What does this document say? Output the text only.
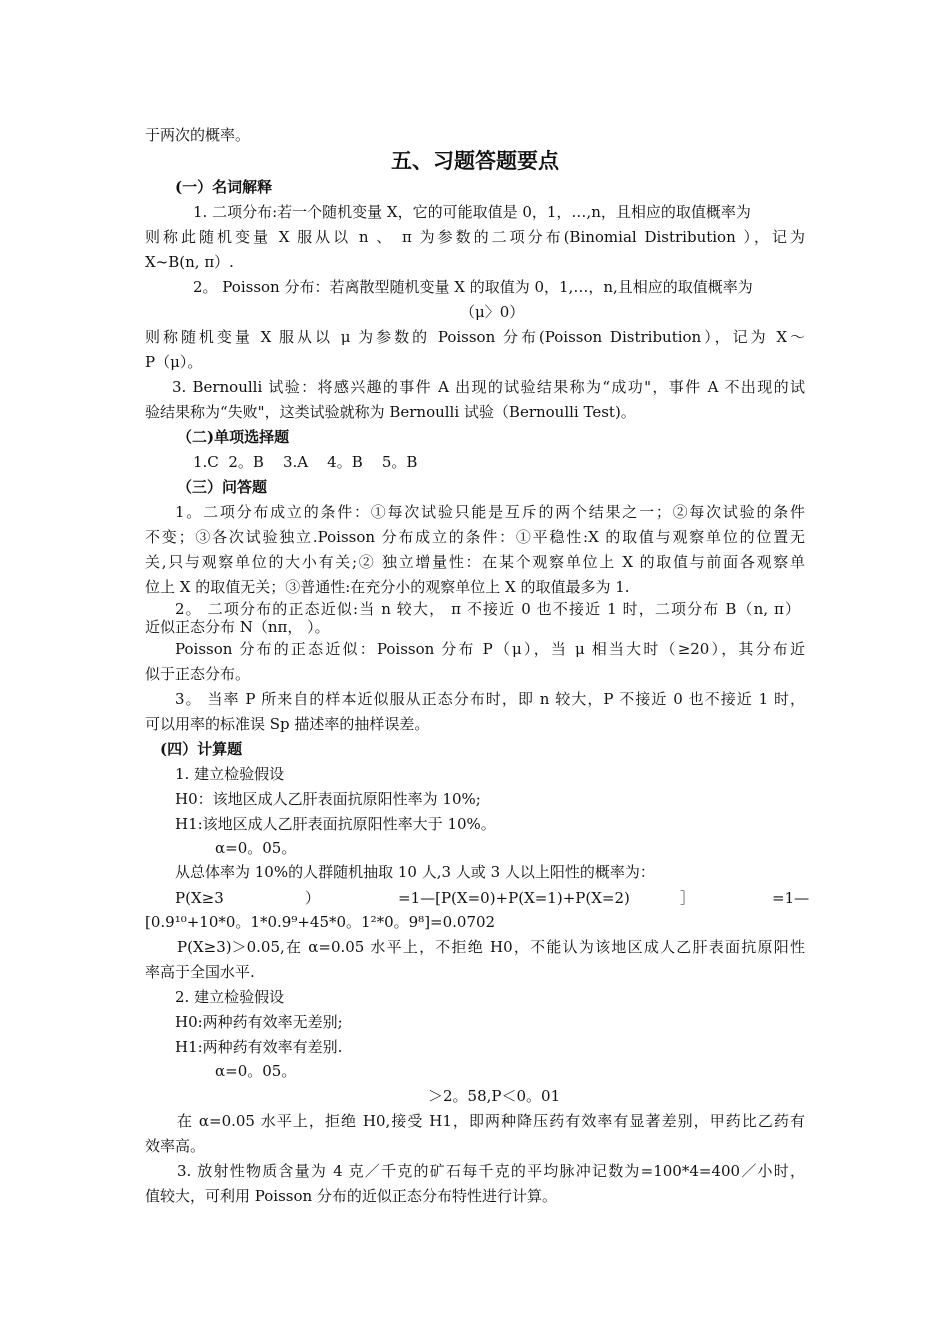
于两次的概率。
五、习题答题要点
(一）名词解释
1. 二项分布:若一个随机变量 X，它的可能取值是 0，1，…,n，且相应的取值概率为
则称此随机变量 X 服从以 n 、 π 为参数的二项分布(Binomial Distribution ），记为
X~B(n, π）.
2。 Poisson 分布：若离散型随机变量 X 的取值为 0，1,…，n,且相应的取值概率为
（μ〉0）
则称随机变量 X 服从以 μ 为参数的 Poisson 分布(Poisson Distribution），记为 X～
P（μ）。
3. Bernoulli 试验：将感兴趣的事件 A 出现的试验结果称为“成功"，事件 A 不出现的试
验结果称为“失败"，这类试验就称为 Bernoulli 试验（Bernoulli Test)。
（二)单项选择题
1.C  2。B    3.A    4。B    5。B
（三）问答题
1。二项分布成立的条件：①每次试验只能是互斥的两个结果之一；②每次试验的条件
不变；③各次试验独立.Poisson 分布成立的条件：①平稳性:X 的取值与观察单位的位置无
关,只与观察单位的大小有关;② 独立增量性：在某个观察单位上 X 的取值与前面各观察单
位上 X 的取值无关；③普通性:在充分小的观察单位上 X 的取值最多为 1.
2。 二项分布的正态近似:当 n 较大， π 不接近 0 也不接近 1 时，二项分布 B（n, π）
近似正态分布 N（nπ， ）。
Poisson 分布的正态近似：Poisson 分布 P（μ），当 μ 相当大时（≥20），其分布近
似于正态分布。
3。 当率 P 所来自的样本近似服从正态分布时，即 n 较大，P 不接近 0 也不接近 1 时，
可以用率的标准误 Sp 描述率的抽样误差。
(四）计算题
1. 建立检验假设
H0：该地区成人乙肝表面抗原阳性率为 10%;
H1:该地区成人乙肝表面抗原阳性率大于 10%。
α=0。05。
从总体率为 10%的人群随机抽取 10 人,3 人或 3 人以上阳性的概率为：
P(X≥3	）	=1—[P(X=0)+P(X=1)+P(X=2)	］	=1—
[0.9¹⁰+10*0。1*0.9⁹+45*0。1²*0。9⁸]=0.0702
P(X≥3)＞0.05,在 α=0.05 水平上，不拒绝 H0，不能认为该地区成人乙肝表面抗原阳性
率高于全国水平.
2. 建立检验假设
H0:两种药有效率无差别;
H1:两种药有效率有差别.
α=0。05。
＞2。58,P＜0。01
在 α=0.05 水平上，拒绝 H0,接受 H1，即两种降压药有效率有显著差别，甲药比乙药有
效率高。
3. 放射性物质含量为 4 克／千克的矿石每千克的平均脉冲记数为=100*4=400／小时，
值较大，可利用 Poisson 分布的近似正态分布特性进行计算。
